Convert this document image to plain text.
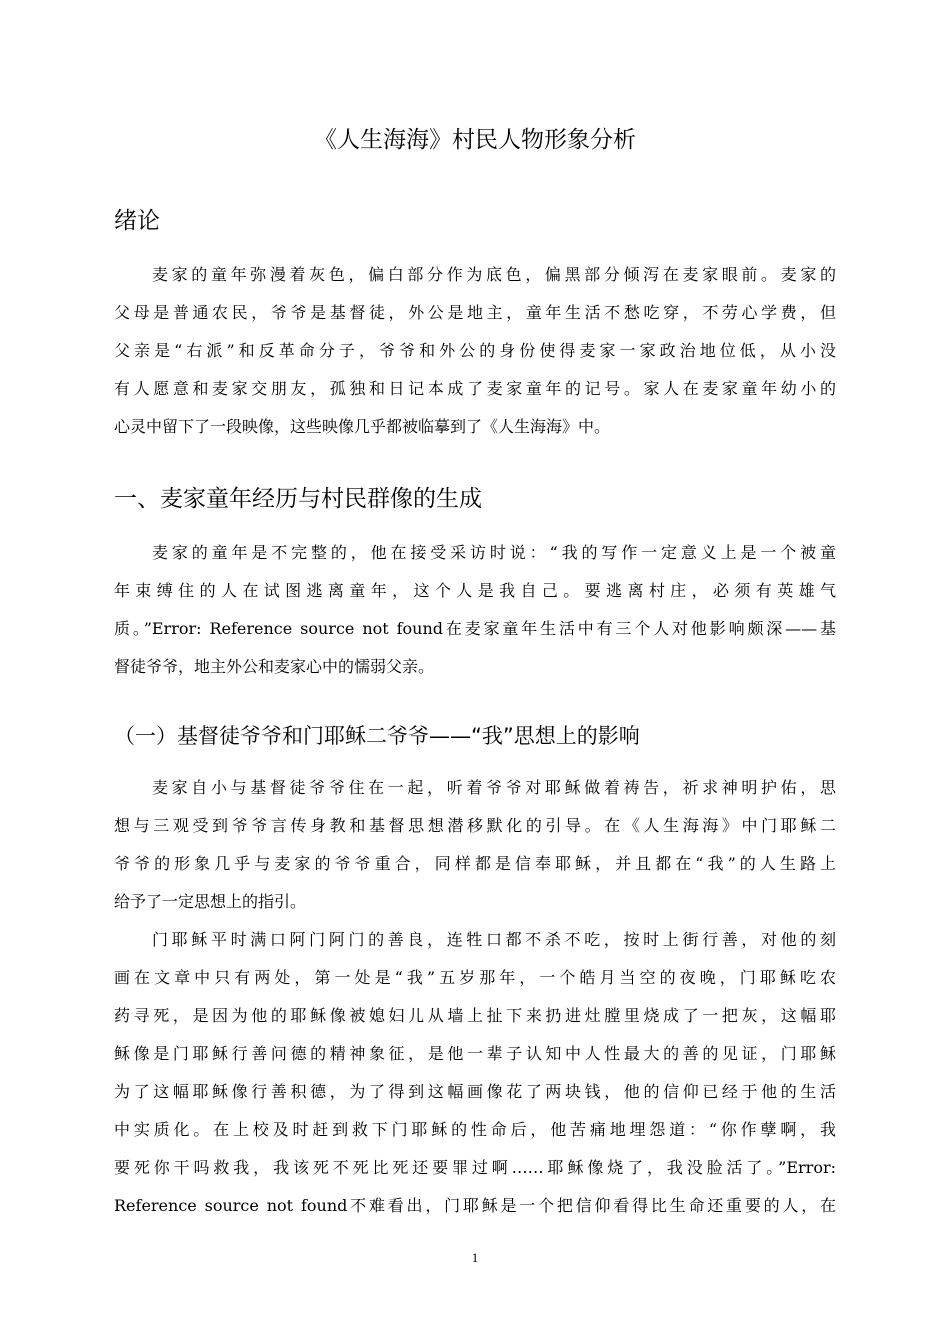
《人生海海》村民人物形象分析
绪论
麦家的童年弥漫着灰色，偏白部分作为底色，偏黑部分倾泻在麦家眼前。麦家的
父母是普通农民，爷爷是基督徒，外公是地主，童年生活不愁吃穿，不劳心学费，但
父亲是“右派”和反革命分子，爷爷和外公的身份使得麦家一家政治地位低，从小没
有人愿意和麦家交朋友，孤独和日记本成了麦家童年的记号。家人在麦家童年幼小的
心灵中留下了一段映像，这些映像几乎都被临摹到了《人生海海》中。
一、麦家童年经历与村民群像的生成
麦家的童年是不完整的，他在接受采访时说：“我的写作一定意义上是一个被童
年束缚住的人在试图逃离童年，这个人是我自己。要逃离村庄，必须有英雄气
质。”Error: Reference source not found在麦家童年生活中有三个人对他影响颇深——基
督徒爷爷，地主外公和麦家心中的懦弱父亲。
（一）基督徒爷爷和门耶稣二爷爷——“我”思想上的影响
麦家自小与基督徒爷爷住在一起，听着爷爷对耶稣做着祷告，祈求神明护佑，思
想与三观受到爷爷言传身教和基督思想潜移默化的引导。在《人生海海》中门耶稣二
爷爷的形象几乎与麦家的爷爷重合，同样都是信奉耶稣，并且都在“我”的人生路上
给予了一定思想上的指引。
门耶稣平时满口阿门阿门的善良，连牲口都不杀不吃，按时上街行善，对他的刻
画在文章中只有两处，第一处是“我”五岁那年，一个皓月当空的夜晚，门耶稣吃农
药寻死，是因为他的耶稣像被媳妇儿从墙上扯下来扔进灶膛里烧成了一把灰，这幅耶
稣像是门耶稣行善问德的精神象征，是他一辈子认知中人性最大的善的见证，门耶稣
为了这幅耶稣像行善积德，为了得到这幅画像花了两块钱，他的信仰已经于他的生活
中实质化。在上校及时赶到救下门耶稣的性命后，他苦痛地埋怨道：“你作孽啊，我
要死你干吗救我，我该死不死比死还要罪过啊……耶稣像烧了，我没脸活了。”Error:
Reference source not found不难看出，门耶稣是一个把信仰看得比生命还重要的人，在
1
